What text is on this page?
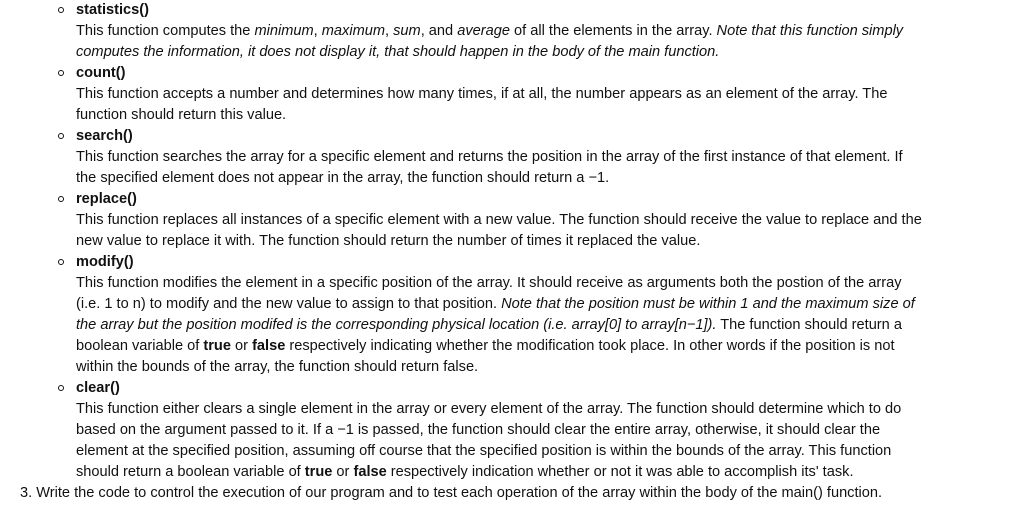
statistics()
This function computes the minimum, maximum, sum, and average of all the elements in the array. Note that this function simply
computes the information, it does not display it, that should happen in the body of the main function.
count()
This function accepts a number and determines how many times, if at all, the number appears as an element of the array. The
function should return this value.
search()
This function searches the array for a specific element and returns the position in the array of the first instance of that element. If
the specified element does not appear in the array, the function should return a −1.
replace()
This function replaces all instances of a specific element with a new value. The function should receive the value to replace and the
new value to replace it with. The function should return the number of times it replaced the value.
modify()
This function modifies the element in a specific position of the array. It should receive as arguments both the postion of the array
(i.e. 1 to n) to modify and the new value to assign to that position. Note that the position must be within 1 and the maximum size of
the array but the position modifed is the corresponding physical location (i.e. array[0] to array[n−1]). The function should return a
boolean variable of true or false respectively indicating whether the modification took place. In other words if the position is not
within the bounds of the array, the function should return false.
clear()
This function either clears a single element in the array or every element of the array. The function should determine which to do
based on the argument passed to it. If a −1 is passed, the function should clear the entire array, otherwise, it should clear the
element at the specified position, assuming off course that the specified position is within the bounds of the array. This function
should return a boolean variable of true or false respectively indication whether or not it was able to accomplish its' task.
3. Write the code to control the execution of our program and to test each operation of the array within the body of the main() function.
